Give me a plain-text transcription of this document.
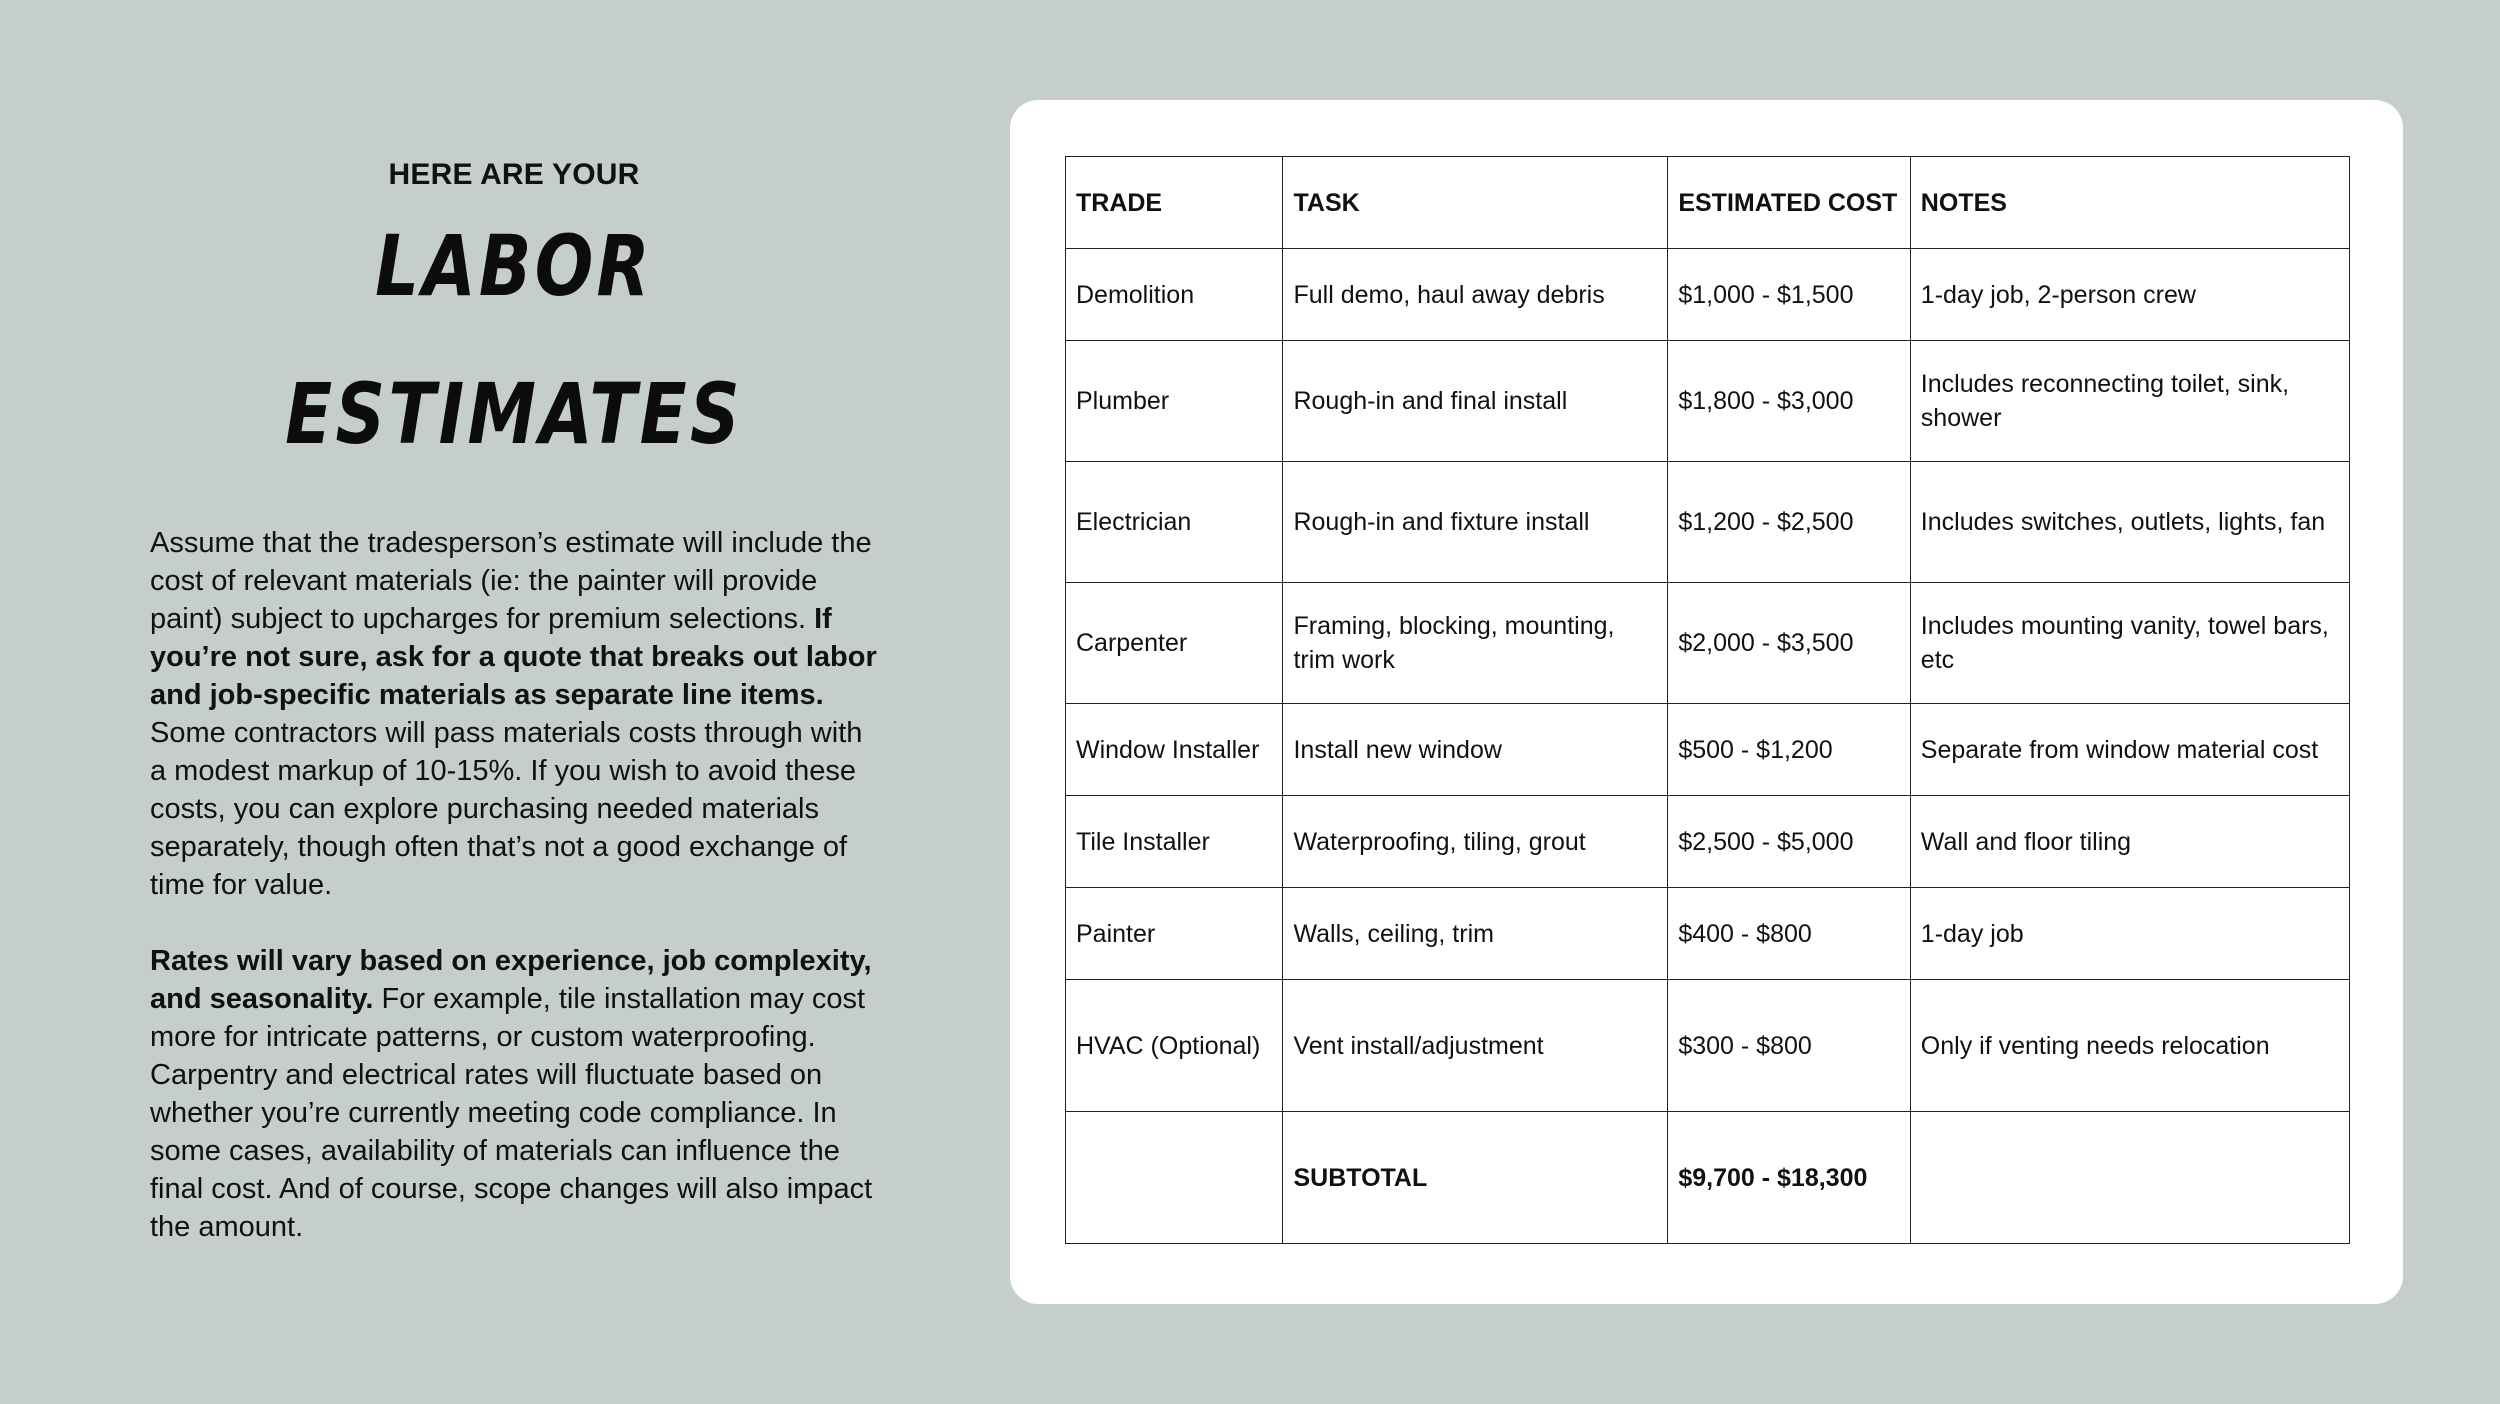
HERE ARE YOUR
LABOR
ESTIMATES

Assume that the tradesperson’s estimate will include the cost of relevant materials (ie: the painter will provide paint) subject to upcharges for premium selections. If you’re not sure, ask for a quote that breaks out labor and job-specific materials as separate line items. Some contractors will pass materials costs through with a modest markup of 10-15%. If you wish to avoid these costs, you can explore purchasing needed materials separately, though often that’s not a good exchange of time for value.

Rates will vary based on experience, job complexity, and seasonality. For example, tile installation may cost more for intricate patterns, or custom waterproofing. Carpentry and electrical rates will fluctuate based on whether you’re currently meeting code compliance. In some cases, availability of materials can influence the final cost. And of course, scope changes will also impact the amount.

TRADE	TASK	ESTIMATED COST	NOTES
Demolition	Full demo, haul away debris	$1,000 - $1,500	1-day job, 2-person crew
Plumber	Rough-in and final install	$1,800 - $3,000	Includes reconnecting toilet, sink, shower
Electrician	Rough-in and fixture install	$1,200 - $2,500	Includes switches, outlets, lights, fan
Carpenter	Framing, blocking, mounting, trim work	$2,000 - $3,500	Includes mounting vanity, towel bars, etc
Window Installer	Install new window	$500 - $1,200	Separate from window material cost
Tile Installer	Waterproofing, tiling, grout	$2,500 - $5,000	Wall and floor tiling
Painter	Walls, ceiling, trim	$400 - $800	1-day job
HVAC (Optional)	Vent install/adjustment	$300 - $800	Only if venting needs relocation
	SUBTOTAL	$9,700 - $18,300	
